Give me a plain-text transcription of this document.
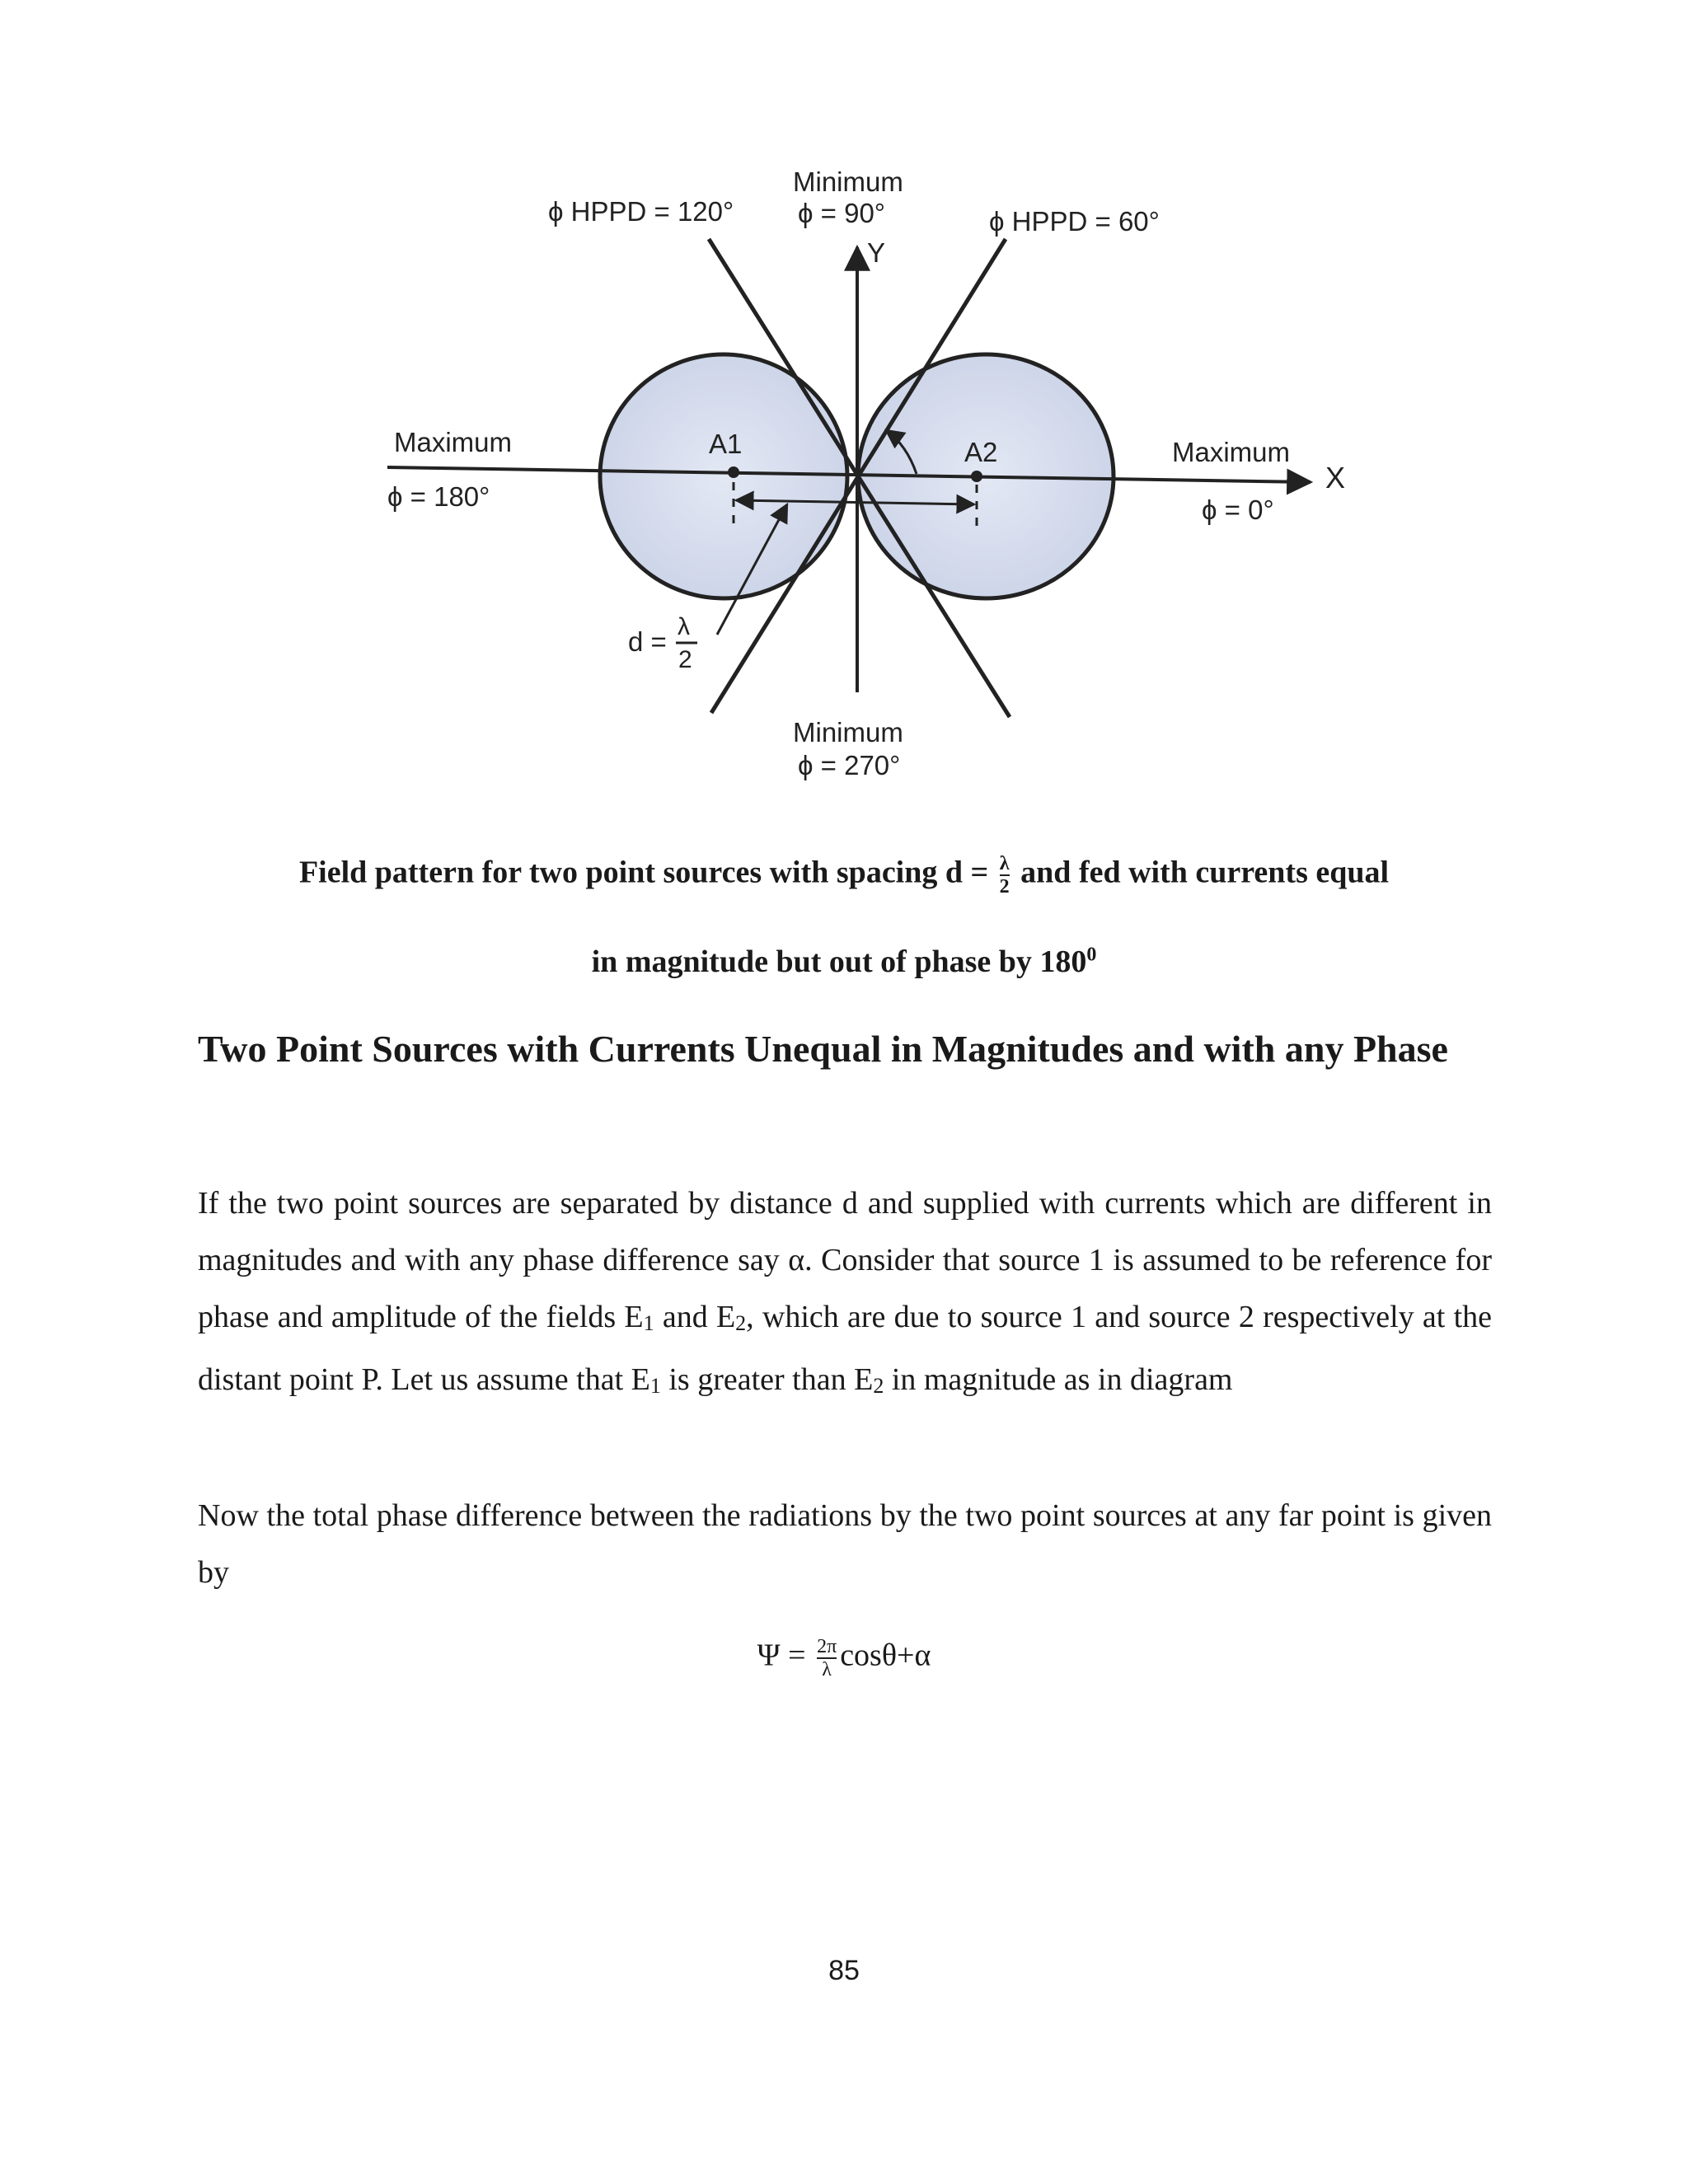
ϕ HPPD = 120°
Minimum
ϕ = 90°	ϕ HPPD = 60°
Y
Maximum
ϕ = 180°
A1	A2	Maximum
X
ϕ = 0°
d = λ
2
Minimum
ϕ = 270°
Field pattern for two point sources with spacing $d = \frac{\lambda}{2}$ and fed with currents equal
in magnitude but out of phase by $180^0$
Two Point Sources with Currents Unequal in Magnitudes and with any Phase
If the two point sources are separated by distance d and supplied with currents which are different in magnitudes and with any phase difference say α. Consider that source 1 is assumed to be reference for phase and amplitude of the fields E1 and E2, which are due to source 1 and source 2 respectively at the distant point P. Let us assume that E1 is greater than E2 in magnitude as in diagram
Now the total phase difference between the radiations by the two point sources at any far point is given by
$\Psi = \frac{2\pi}{\lambda} \cos\theta+\alpha$
85
